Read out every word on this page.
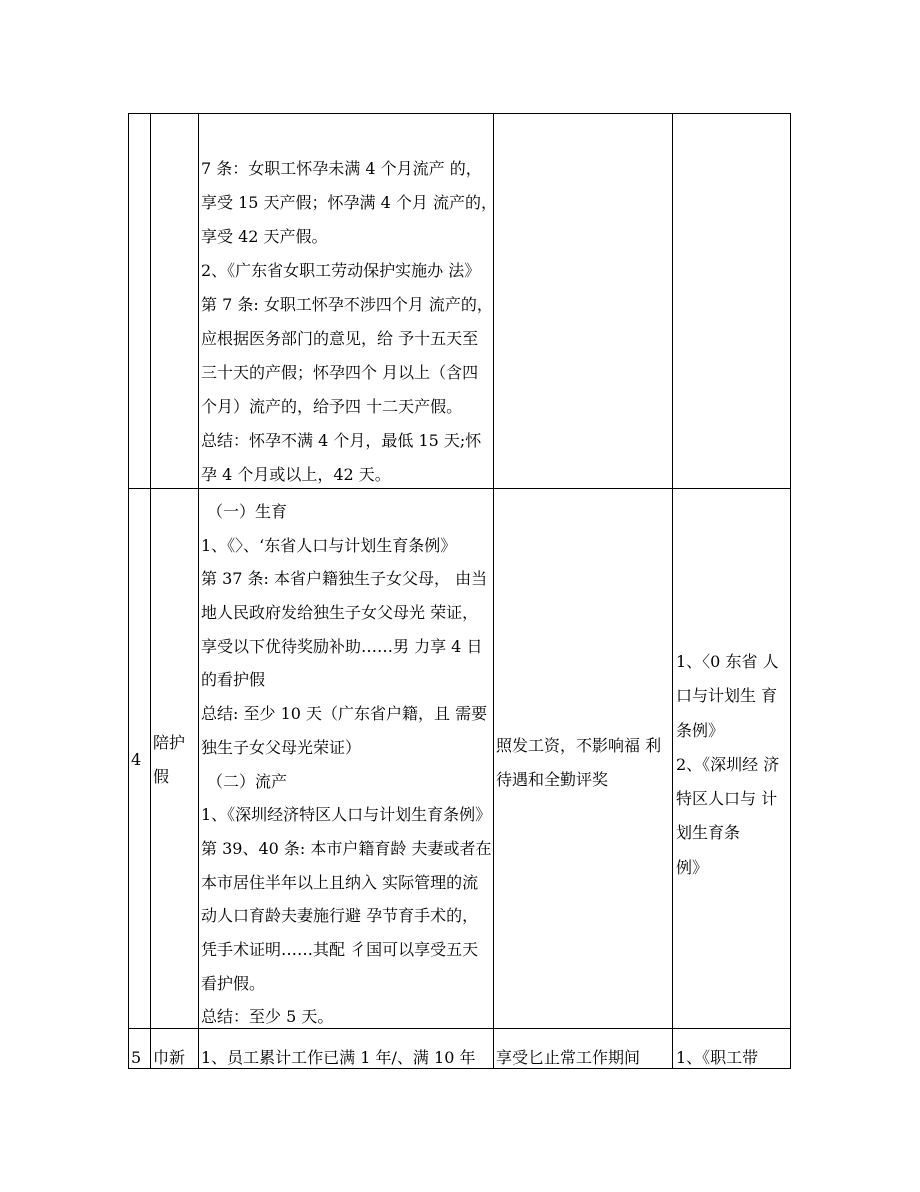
7 条：女职工怀孕未满 4 个月流产 的，
享受 15 天产假；怀孕满 4 个月 流产的，
享受 42 天产假。
2、《广东省女职工劳动保护实施办 法》
第 7 条: 女职工怀孕不涉四个月 流产的，
应根据医务部门的意见，给 予十五天至
三十天的产假；怀孕四个 月以上（含四
个月）流产的，给予四 十二天产假。
总结：怀孕不满 4 个月，最低 15 天;怀
孕 4 个月或以上，42 天。
4
陪护
假
（一）生育
1、《〉、‘东省人口与计划生育条例》
第 37 条: 本省户籍独生子女父母， 由当
地人民政府发给独生子女父母光 荣证，
享受以下优待奖励补助……男 力享 4 日
的看护假
总结: 至少 10 天（广东省户籍，且 需要
独生子女父母光荣证）
（二）流产
1、《深圳经济特区人口与计划生育条例》
第 39、40 条: 本市户籍育龄 夫妻或者在
本市居住半年以上且纳入 实际管理的流
动人口育龄夫妻施行避 孕节育手术的，
凭手术证明……其配 彳国可以享受五天
看护假。
总结：至少 5 天。
照发工资，不影响福 利
待遇和全勤评奖
1、〈0 东省 人
口与计划生 育
条例》
2、《深圳经 济
特区人口与 计
划生育条
例》
5 巾新 1、员工累计工作已满 1 年/、满 10 年 享受匕止常工作期间 1、《职工带
